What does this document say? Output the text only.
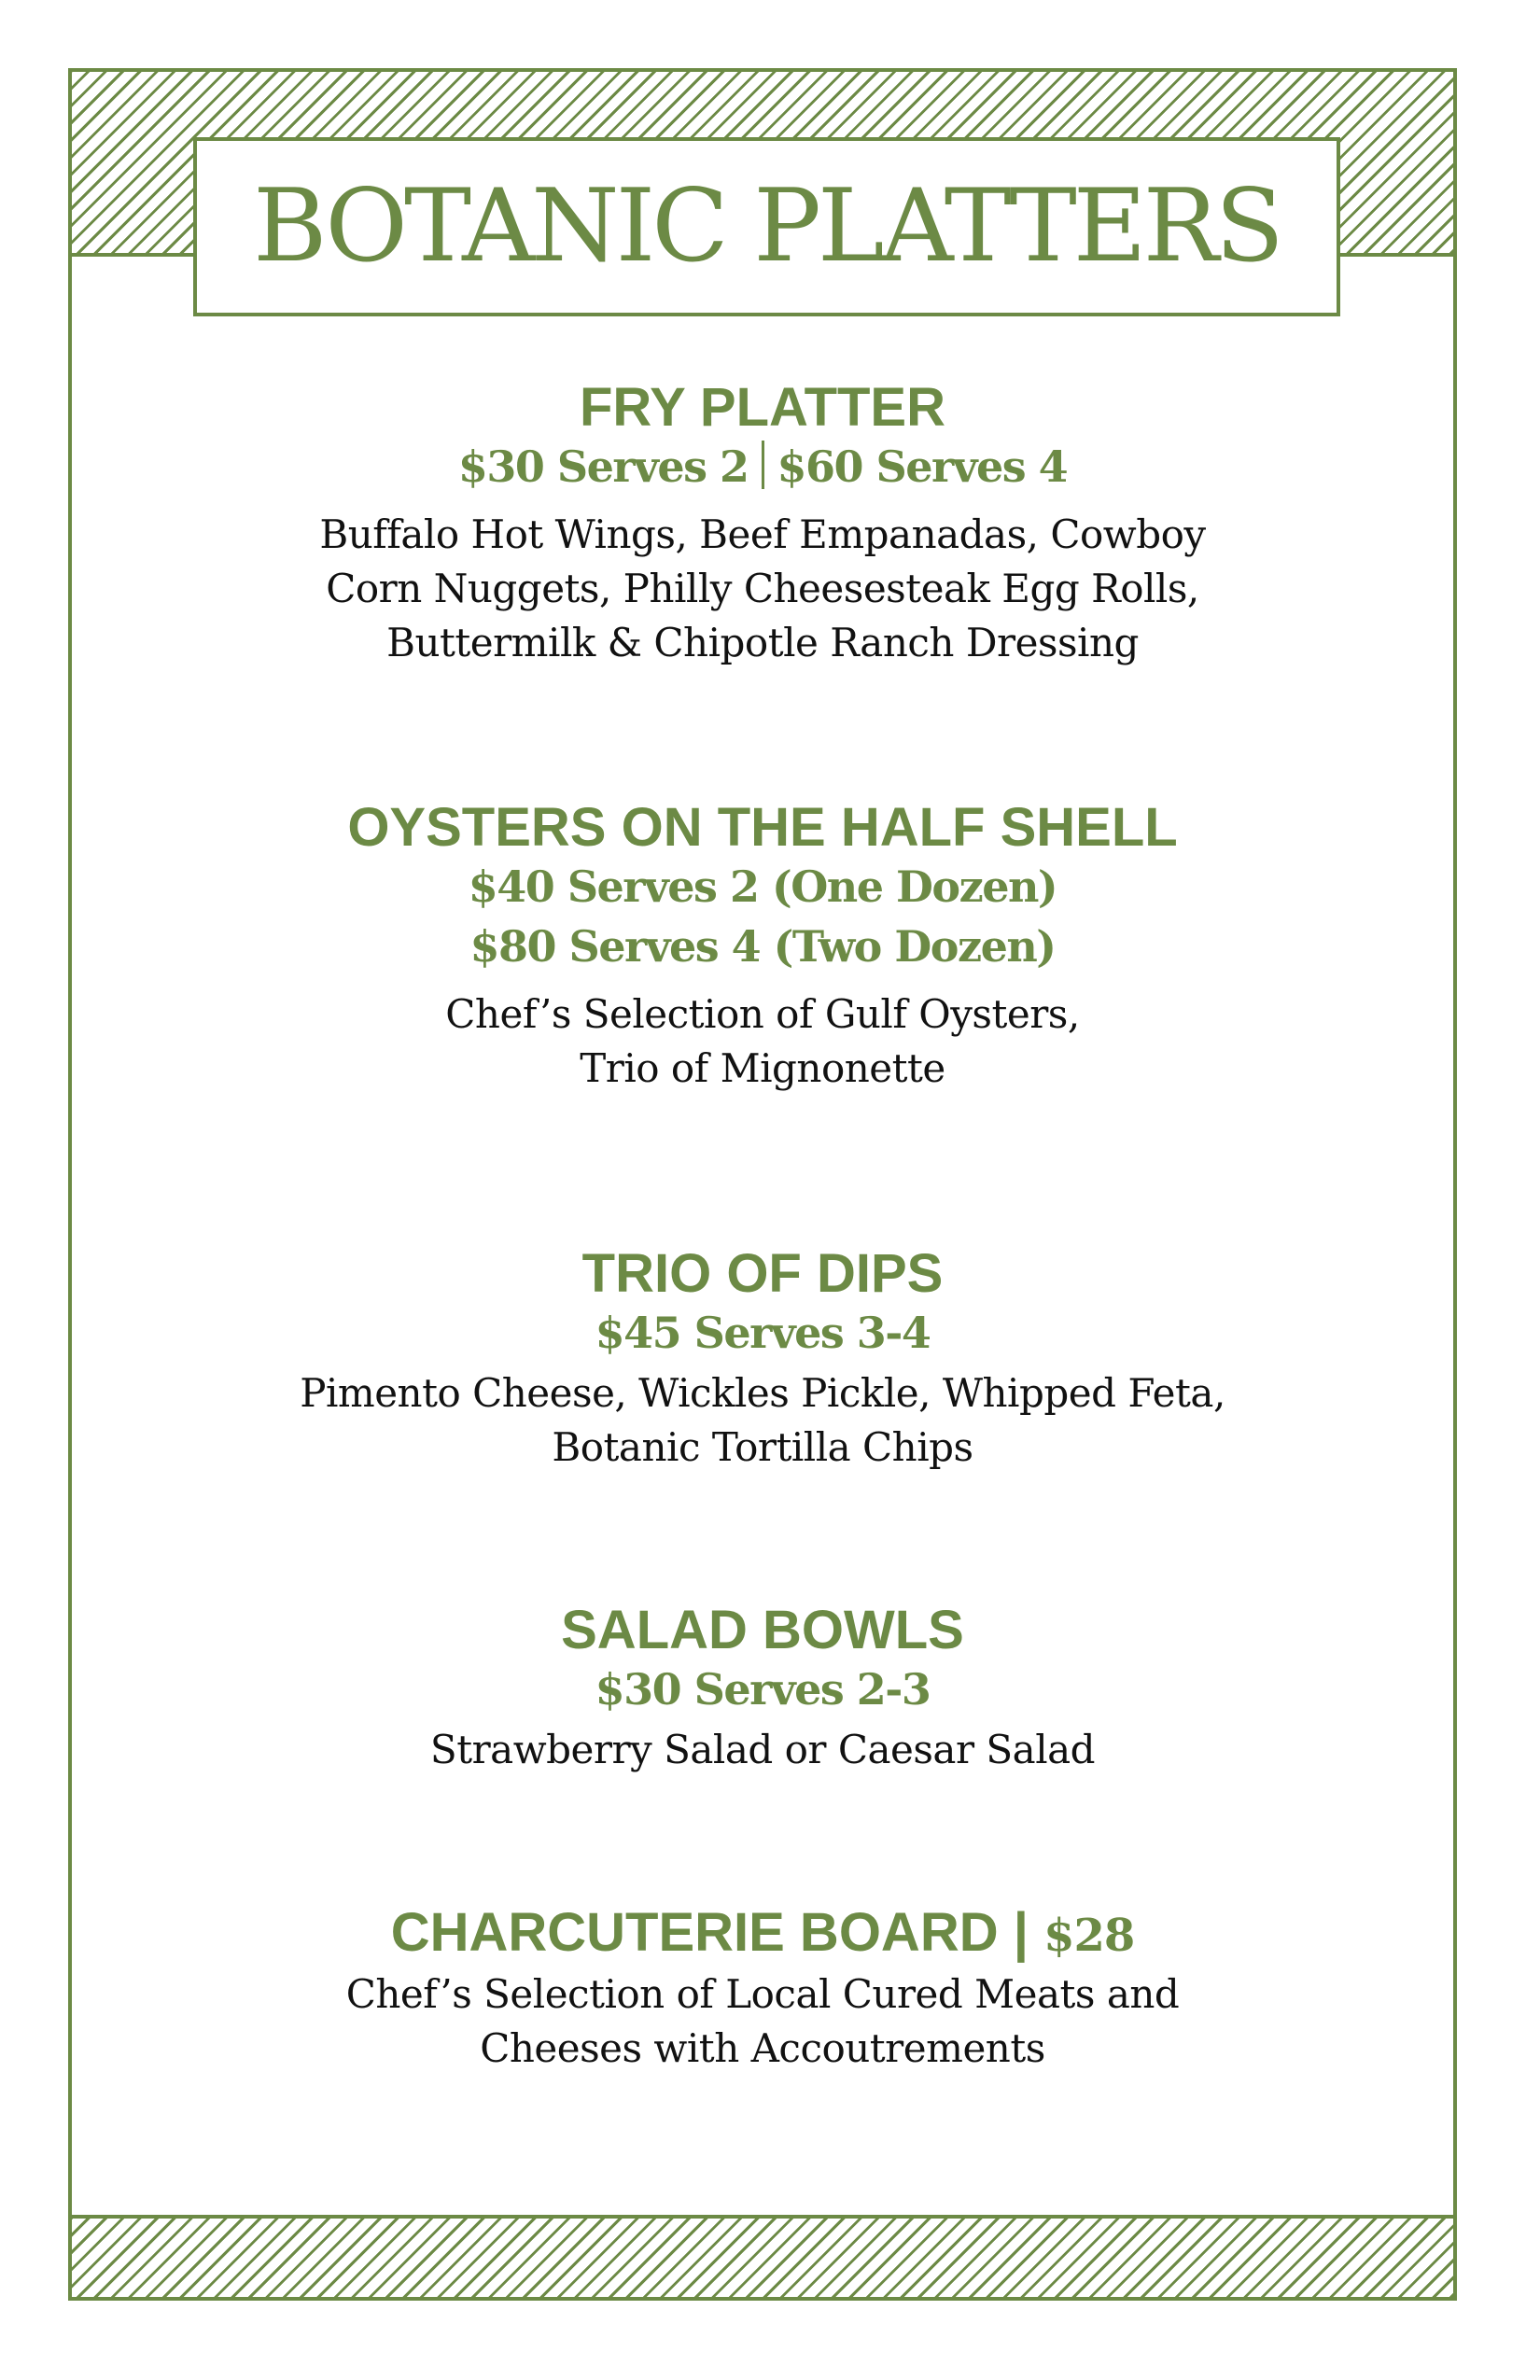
BOTANIC PLATTERS
FRY PLATTER
$30 Serves 2 $60 Serves 4
Buffalo Hot Wings, Beef Empanadas, Cowboy
Corn Nuggets, Philly Cheesesteak Egg Rolls,
Buttermilk & Chipotle Ranch Dressing
OYSTERS ON THE HALF SHELL
$40 Serves 2 (One Dozen)
$80 Serves 4 (Two Dozen)
Chef’s Selection of Gulf Oysters,
Trio of Mignonette
TRIO OF DIPS
$45 Serves 3-4
Pimento Cheese, Wickles Pickle, Whipped Feta,
Botanic Tortilla Chips
SALAD BOWLS
$30 Serves 2-3
Strawberry Salad or Caesar Salad
CHARCUTERIE BOARD | $28
Chef’s Selection of Local Cured Meats and
Cheeses with Accoutrements
